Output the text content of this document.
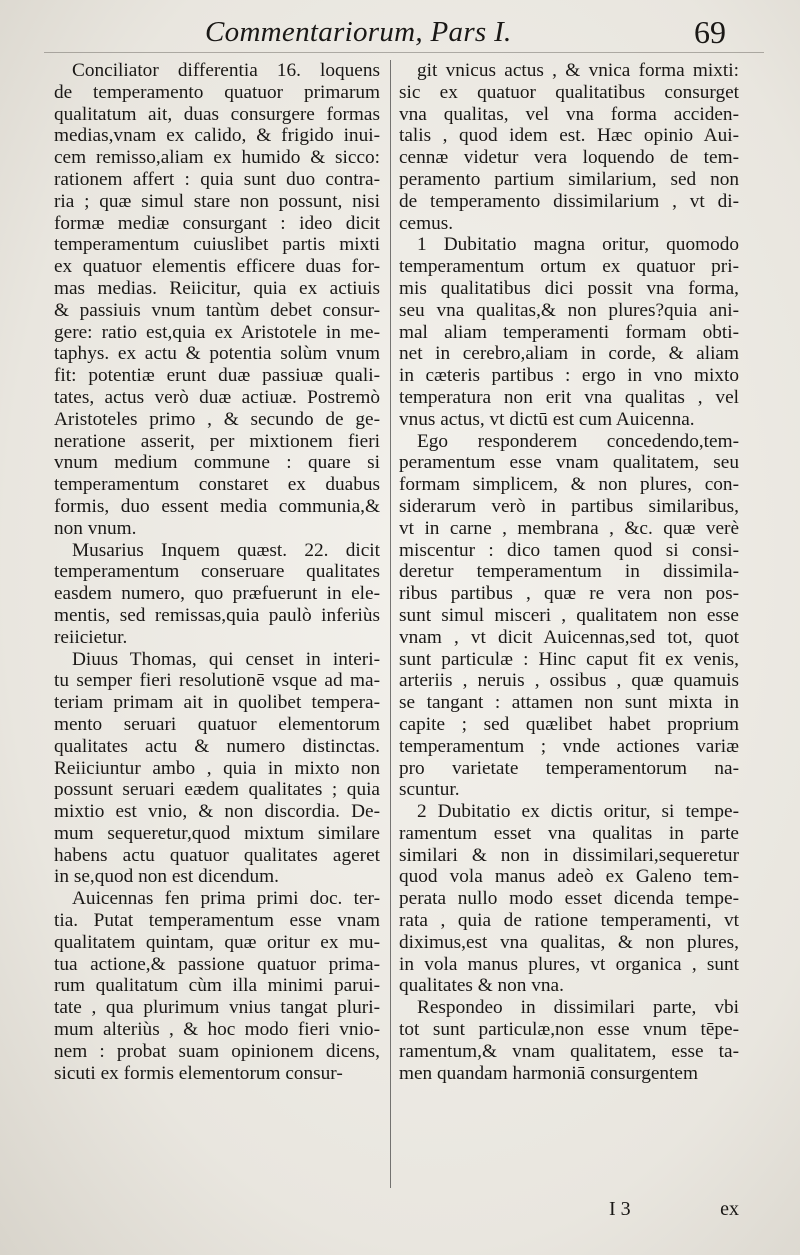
Commentariorum, Pars I.	69
Conciliator differentia 16. loquens
de temperamento quatuor primarum
qualitatum ait, duas consurgere formas
medias,vnam ex calido, & frigido inui-
cem remisso,aliam ex humido & sicco:
rationem affert : quia sunt duo contra-
ria ; quæ simul stare non possunt, nisi
formæ mediæ consurgant : ideo dicit
temperamentum cuiuslibet partis mixti
ex quatuor elementis efficere duas for-
mas medias. Reiicitur, quia ex actiuis
& passiuis vnum tantùm debet consur-
gere: ratio est,quia ex Aristotele in me-
taphys. ex actu & potentia solùm vnum
fit: potentiæ erunt duæ passiuæ quali-
tates, actus verò duæ actiuæ. Postremò
Aristoteles primo , & secundo de ge-
neratione asserit, per mixtionem fieri
vnum medium commune : quare si
temperamentum constaret ex duabus
formis, duo essent media communia,&
non vnum.
Musarius Inquem quæst. 22. dicit
temperamentum conseruare qualitates
easdem numero, quo præfuerunt in ele-
mentis, sed remissas,quia paulò inferiùs
reiicietur.
Diuus Thomas, qui censet in interi-
tu semper fieri resolutionē vsque ad ma-
teriam primam ait in quolibet tempera-
mento seruari quatuor elementorum
qualitates actu & numero distinctas.
Reiiciuntur ambo , quia in mixto non
possunt seruari eædem qualitates ; quia
mixtio est vnio, & non discordia. De-
mum sequeretur,quod mixtum similare
habens actu quatuor qualitates ageret
in se,quod non est dicendum.
Auicennas fen prima primi doc. ter-
tia. Putat temperamentum esse vnam
qualitatem quintam, quæ oritur ex mu-
tua actione,& passione quatuor prima-
rum qualitatum cùm illa minimi parui-
tate , qua plurimum vnius tangat pluri-
mum alteriùs , & hoc modo fieri vnio-
nem : probat suam opinionem dicens,
sicuti ex formis elementorum consur-
git vnicus actus , & vnica forma mixti:
sic ex quatuor qualitatibus consurget
vna qualitas, vel vna forma acciden-
talis , quod idem est. Hæc opinio Aui-
cennæ videtur vera loquendo de tem-
peramento partium similarium, sed non
de temperamento dissimilarium , vt di-
cemus.
1 Dubitatio magna oritur, quomodo
temperamentum ortum ex quatuor pri-
mis qualitatibus dici possit vna forma,
seu vna qualitas,& non plures?quia ani-
mal aliam temperamenti formam obti-
net in cerebro,aliam in corde, & aliam
in cæteris partibus : ergo in vno mixto
temperatura non erit vna qualitas , vel
vnus actus, vt dictū est cum Auicenna.
Ego responderem concedendo,tem-
peramentum esse vnam qualitatem, seu
formam simplicem, & non plures, con-
siderarum verò in partibus similaribus,
vt in carne , membrana , &c. quæ verè
miscentur : dico tamen quod si consi-
deretur temperamentum in dissimila-
ribus partibus , quæ re vera non pos-
sunt simul misceri , qualitatem non esse
vnam , vt dicit Auicennas,sed tot, quot
sunt particulæ : Hinc caput fit ex venis,
arteriis , neruis , ossibus , quæ quamuis
se tangant : attamen non sunt mixta in
capite ; sed quælibet habet proprium
temperamentum ; vnde actiones variæ
pro varietate temperamentorum na-
scuntur.
2 Dubitatio ex dictis oritur, si tempe-
ramentum esset vna qualitas in parte
similari & non in dissimilari,sequeretur
quod vola manus adeò ex Galeno tem-
perata nullo modo esset dicenda tempe-
rata , quia de ratione temperamenti, vt
diximus,est vna qualitas, & non plures,
in vola manus plures, vt organica , sunt
qualitates & non vna.
Respondeo in dissimilari parte, vbi
tot sunt particulæ,non esse vnum tēpe-
ramentum,& vnam qualitatem, esse ta-
men quandam harmoniā consurgentem
I 3	ex
